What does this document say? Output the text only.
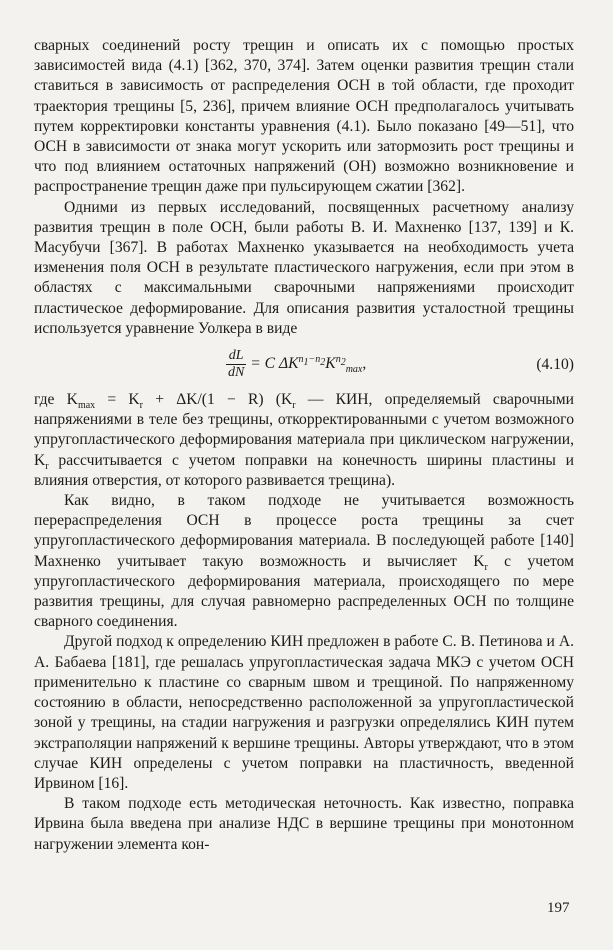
сварных соединений росту трещин и описать их с помощью простых зависимостей вида (4.1) [362, 370, 374]. Затем оценки развития трещин стали ставиться в зависимость от распределения ОСН в той области, где проходит траектория трещины [5, 236], причем влияние ОСН предполагалось учитывать путем корректировки константы уравнения (4.1). Было показано [49—51], что ОСН в зависимости от знака могут ускорить или затормозить рост трещины и что под влиянием остаточных напряжений (ОН) возможно возникновение и распространение трещин даже при пульсирующем сжатии [362].

Одними из первых исследований, посвященных расчетному анализу развития трещин в поле ОСН, были работы В. И. Махненко [137, 139] и К. Масубучи [367]. В работах Махненко указывается на необходимость учета изменения поля ОСН в результате пластического нагружения, если при этом в областях с максимальными сварочными напряжениями происходит пластическое деформирование. Для описания развития усталостной трещины используется уравнение Уолкера в виде

$\frac{dL}{dN} = C$ $\Delta K^{n_1-n_2}K^{n_2}_{max}$,	(4.10)

где $K_{max} = K_r + \Delta K/(1 - R)$ ($K_r$ — КИН, определяемый сварочными напряжениями в теле без трещины, откорректированными с учетом возможного упругопластического деформирования материала при циклическом нагружении, $K_r$ рассчитывается с учетом поправки на конечность ширины пластины и влияния отверстия, от которого развивается трещина).

Как видно, в таком подходе не учитывается возможность перераспределения ОСН в процессе роста трещины за счет упругопластического деформирования материала. В последующей работе [140] Махненко учитывает такую возможность и вычисляет $K_r$ с учетом упругопластического деформирования материала, происходящего по мере развития трещины, для случая равномерно распределенных ОСН по толщине сварного соединения.

Другой подход к определению КИН предложен в работе С. В. Петинова и А. А. Бабаева [181], где решалась упругопластическая задача МКЭ с учетом ОСН применительно к пластине со сварным швом и трещиной. По напряженному состоянию в области, непосредственно расположенной за упругопластической зоной у трещины, на стадии нагружения и разгрузки определялись КИН путем экстраполяции напряжений к вершине трещины. Авторы утверждают, что в этом случае КИН определены с учетом поправки на пластичность, введенной Ирвином [16].

В таком подходе есть методическая неточность. Как известно, поправка Ирвина была введена при анализе НДС в вершине трещины при монотонном нагружении элемента кон-

197
